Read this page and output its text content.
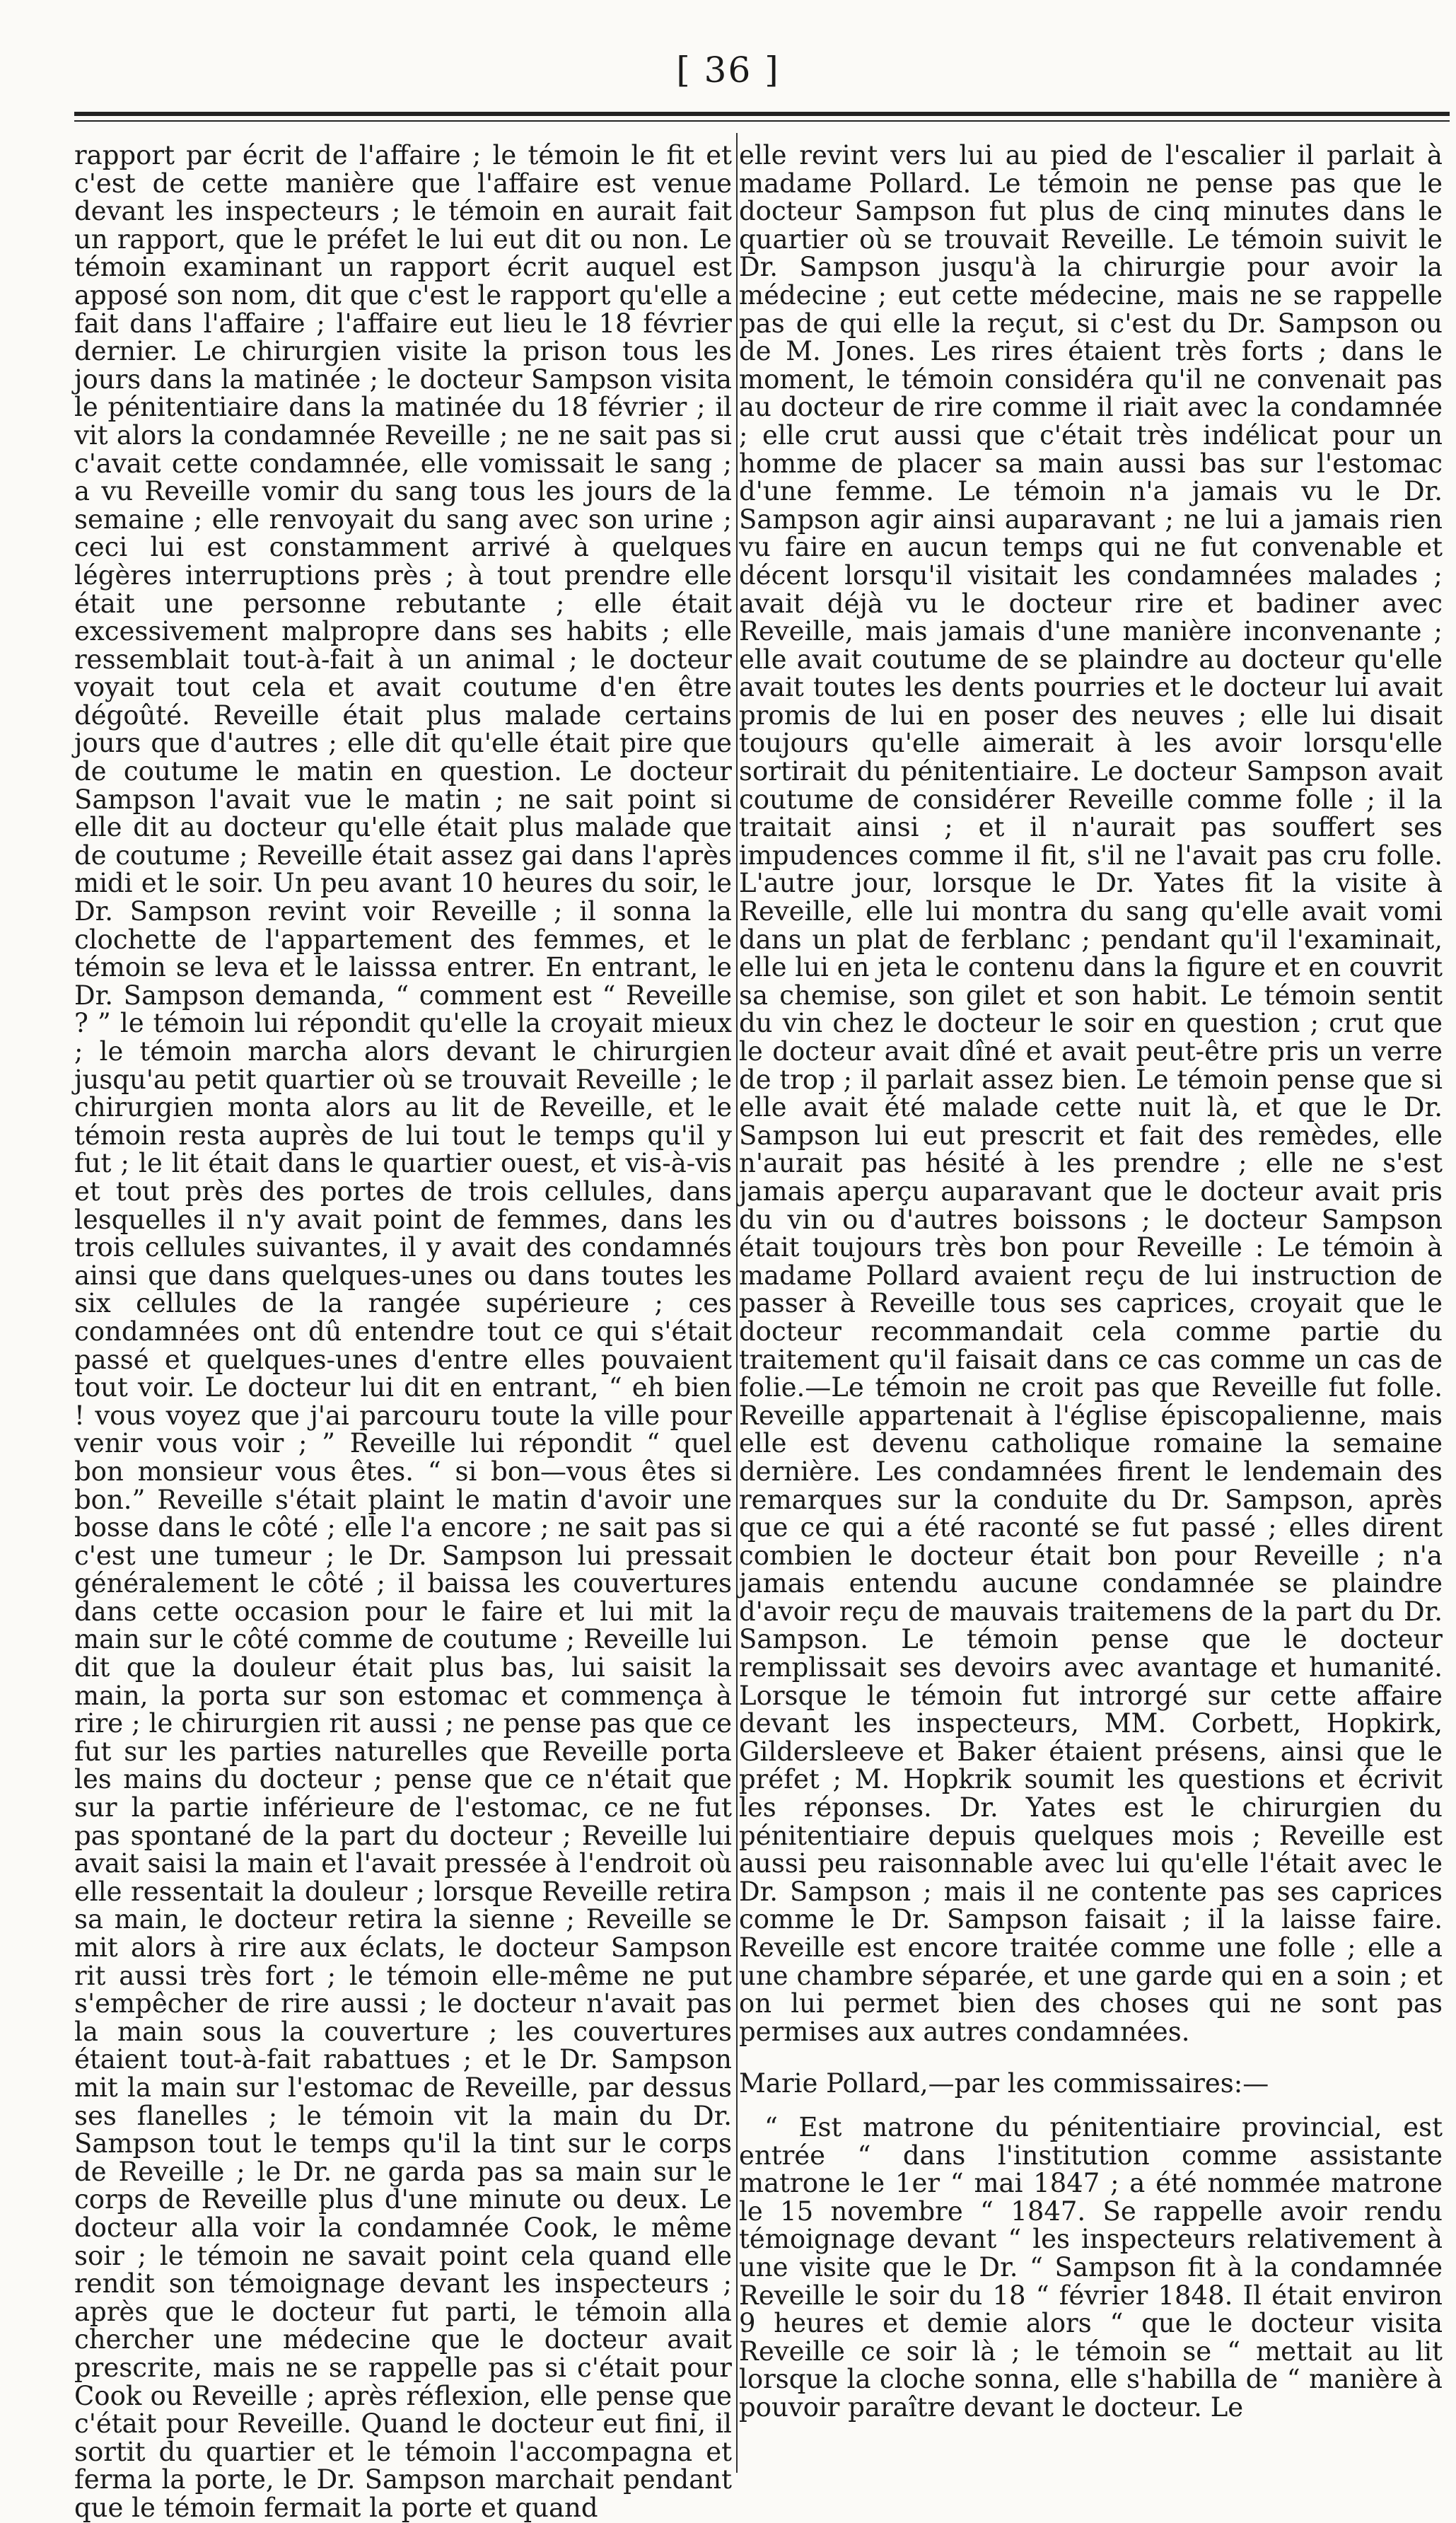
[ 36 ]

rapport par écrit de l'affaire ; le témoin le fit et c'est de cette manière que l'affaire est venue devant les inspecteurs ; le témoin en aurait fait un rapport, que le préfet le lui eut dit ou non. Le témoin examinant un rapport écrit auquel est apposé son nom, dit que c'est le rapport qu'elle a fait dans l'affaire ; l'affaire eut lieu le 18 février dernier. Le chirurgien visite la prison tous les jours dans la matinée ; le docteur Sampson visita le pénitentiaire dans la matinée du 18 février ; il vit alors la condamnée Reveille ; ne ne sait pas si c'avait cette condamnée, elle vomissait le sang ; a vu Reveille vomir du sang tous les jours de la semaine ; elle renvoyait du sang avec son urine ; ceci lui est constamment arrivé à quelques légères interruptions près ; à tout prendre elle était une personne rebutante ; elle était excessivement malpropre dans ses habits ; elle ressemblait tout-à-fait à un animal ; le docteur voyait tout cela et avait coutume d'en être dégoûté. Reveille était plus malade certains jours que d'autres ; elle dit qu'elle était pire que de coutume le matin en question. Le docteur Sampson l'avait vue le matin ; ne sait point si elle dit au docteur qu'elle était plus malade que de coutume ; Reveille était assez gai dans l'après midi et le soir. Un peu avant 10 heures du soir, le Dr. Sampson revint voir Reveille ; il sonna la clochette de l'appartement des femmes, et le témoin se leva et le laisssa entrer. En entrant, le Dr. Sampson demanda, “ comment est “ Reveille ? ” le témoin lui répondit qu'elle la croyait mieux ; le témoin marcha alors devant le chirurgien jusqu'au petit quartier où se trouvait Reveille ; le chirurgien monta alors au lit de Reveille, et le témoin resta auprès de lui tout le temps qu'il y fut ; le lit était dans le quartier ouest, et vis-à-vis et tout près des portes de trois cellules, dans lesquelles il n'y avait point de femmes, dans les trois cellules suivantes, il y avait des condamnés ainsi que dans quelques-unes ou dans toutes les six cellules de la rangée supérieure ; ces condamnées ont dû entendre tout ce qui s'était passé et quelques-unes d'entre elles pouvaient tout voir. Le docteur lui dit en entrant, “ eh bien ! vous voyez que j'ai parcouru toute la ville pour venir vous voir ; ” Reveille lui répondit “ quel bon monsieur vous êtes. “ si bon—vous êtes si bon.” Reveille s'était plaint le matin d'avoir une bosse dans le côté ; elle l'a encore ; ne sait pas si c'est une tumeur ; le Dr. Sampson lui pressait généralement le côté ; il baissa les couvertures dans cette occasion pour le faire et lui mit la main sur le côté comme de coutume ; Reveille lui dit que la douleur était plus bas, lui saisit la main, la porta sur son estomac et commença à rire ; le chirurgien rit aussi ; ne pense pas que ce fut sur les parties naturelles que Reveille porta les mains du docteur ; pense que ce n'était que sur la partie inférieure de l'estomac, ce ne fut pas spontané de la part du docteur ; Reveille lui avait saisi la main et l'avait pressée à l'endroit où elle ressentait la douleur ; lorsque Reveille retira sa main, le docteur retira la sienne ; Reveille se mit alors à rire aux éclats, le docteur Sampson rit aussi très fort ; le témoin elle-même ne put s'empêcher de rire aussi ; le docteur n'avait pas la main sous la couverture ; les couvertures étaient tout-à-fait rabattues ; et le Dr. Sampson mit la main sur l'estomac de Reveille, par dessus ses flanelles ; le témoin vit la main du Dr. Sampson tout le temps qu'il la tint sur le corps de Reveille ; le Dr. ne garda pas sa main sur le corps de Reveille plus d'une minute ou deux. Le docteur alla voir la condamnée Cook, le même soir ; le témoin ne savait point cela quand elle rendit son témoignage devant les inspecteurs ; après que le docteur fut parti, le témoin alla chercher une médecine que le docteur avait prescrite, mais ne se rappelle pas si c'était pour Cook ou Reveille ; après réflexion, elle pense que c'était pour Reveille. Quand le docteur eut fini, il sortit du quartier et le témoin l'accompagna et ferma la porte, le Dr. Sampson marchait pendant que le témoin fermait la porte et quand

elle revint vers lui au pied de l'escalier il parlait à madame Pollard. Le témoin ne pense pas que le docteur Sampson fut plus de cinq minutes dans le quartier où se trouvait Reveille. Le témoin suivit le Dr. Sampson jusqu'à la chirurgie pour avoir la médecine ; eut cette médecine, mais ne se rappelle pas de qui elle la reçut, si c'est du Dr. Sampson ou de M. Jones. Les rires étaient très forts ; dans le moment, le témoin considéra qu'il ne convenait pas au docteur de rire comme il riait avec la condamnée ; elle crut aussi que c'était très indélicat pour un homme de placer sa main aussi bas sur l'estomac d'une femme. Le témoin n'a jamais vu le Dr. Sampson agir ainsi auparavant ; ne lui a jamais rien vu faire en aucun temps qui ne fut convenable et décent lorsqu'il visitait les condamnées malades ; avait déjà vu le docteur rire et badiner avec Reveille, mais jamais d'une manière inconvenante ; elle avait coutume de se plaindre au docteur qu'elle avait toutes les dents pourries et le docteur lui avait promis de lui en poser des neuves ; elle lui disait toujours qu'elle aimerait à les avoir lorsqu'elle sortirait du pénitentiaire. Le docteur Sampson avait coutume de considérer Reveille comme folle ; il la traitait ainsi ; et il n'aurait pas souffert ses impudences comme il fit, s'il ne l'avait pas cru folle. L'autre jour, lorsque le Dr. Yates fit la visite à Reveille, elle lui montra du sang qu'elle avait vomi dans un plat de ferblanc ; pendant qu'il l'examinait, elle lui en jeta le contenu dans la figure et en couvrit sa chemise, son gilet et son habit. Le témoin sentit du vin chez le docteur le soir en question ; crut que le docteur avait dîné et avait peut-être pris un verre de trop ; il parlait assez bien. Le témoin pense que si elle avait été malade cette nuit là, et que le Dr. Sampson lui eut prescrit et fait des remèdes, elle n'aurait pas hésité à les prendre ; elle ne s'est jamais aperçu auparavant que le docteur avait pris du vin ou d'autres boissons ; le docteur Sampson était toujours très bon pour Reveille : Le témoin à madame Pollard avaient reçu de lui instruction de passer à Reveille tous ses caprices, croyait que le docteur recommandait cela comme partie du traitement qu'il faisait dans ce cas comme un cas de folie.—Le témoin ne croit pas que Reveille fut folle. Reveille appartenait à l'église épiscopalienne, mais elle est devenu catholique romaine la semaine dernière. Les condamnées firent le lendemain des remarques sur la conduite du Dr. Sampson, après que ce qui a été raconté se fut passé ; elles dirent combien le docteur était bon pour Reveille ; n'a jamais entendu aucune condamnée se plaindre d'avoir reçu de mauvais traitemens de la part du Dr. Sampson. Le témoin pense que le docteur remplissait ses devoirs avec avantage et humanité. Lorsque le témoin fut introrgé sur cette affaire devant les inspecteurs, MM. Corbett, Hopkirk, Gildersleeve et Baker étaient présens, ainsi que le préfet ; M. Hopkrik soumit les questions et écrivit les réponses. Dr. Yates est le chirurgien du pénitentiaire depuis quelques mois ; Reveille est aussi peu raisonnable avec lui qu'elle l'était avec le Dr. Sampson ; mais il ne contente pas ses caprices comme le Dr. Sampson faisait ; il la laisse faire. Reveille est encore traitée comme une folle ; elle a une chambre séparée, et une garde qui en a soin ; et on lui permet bien des choses qui ne sont pas permises aux autres condamnées.

Marie Pollard,—par les commissaires:—

“ Est matrone du pénitentiaire provincial, est entrée “ dans l'institution comme assistante matrone le 1er “ mai 1847 ; a été nommée matrone le 15 novembre “ 1847. Se rappelle avoir rendu témoignage devant “ les inspecteurs relativement à une visite que le Dr. “ Sampson fit à la condamnée Reveille le soir du 18 “ février 1848. Il était environ 9 heures et demie alors “ que le docteur visita Reveille ce soir là ; le témoin se “ mettait au lit lorsque la cloche sonna, elle s'habilla de “ manière à pouvoir paraître devant le docteur. Le
